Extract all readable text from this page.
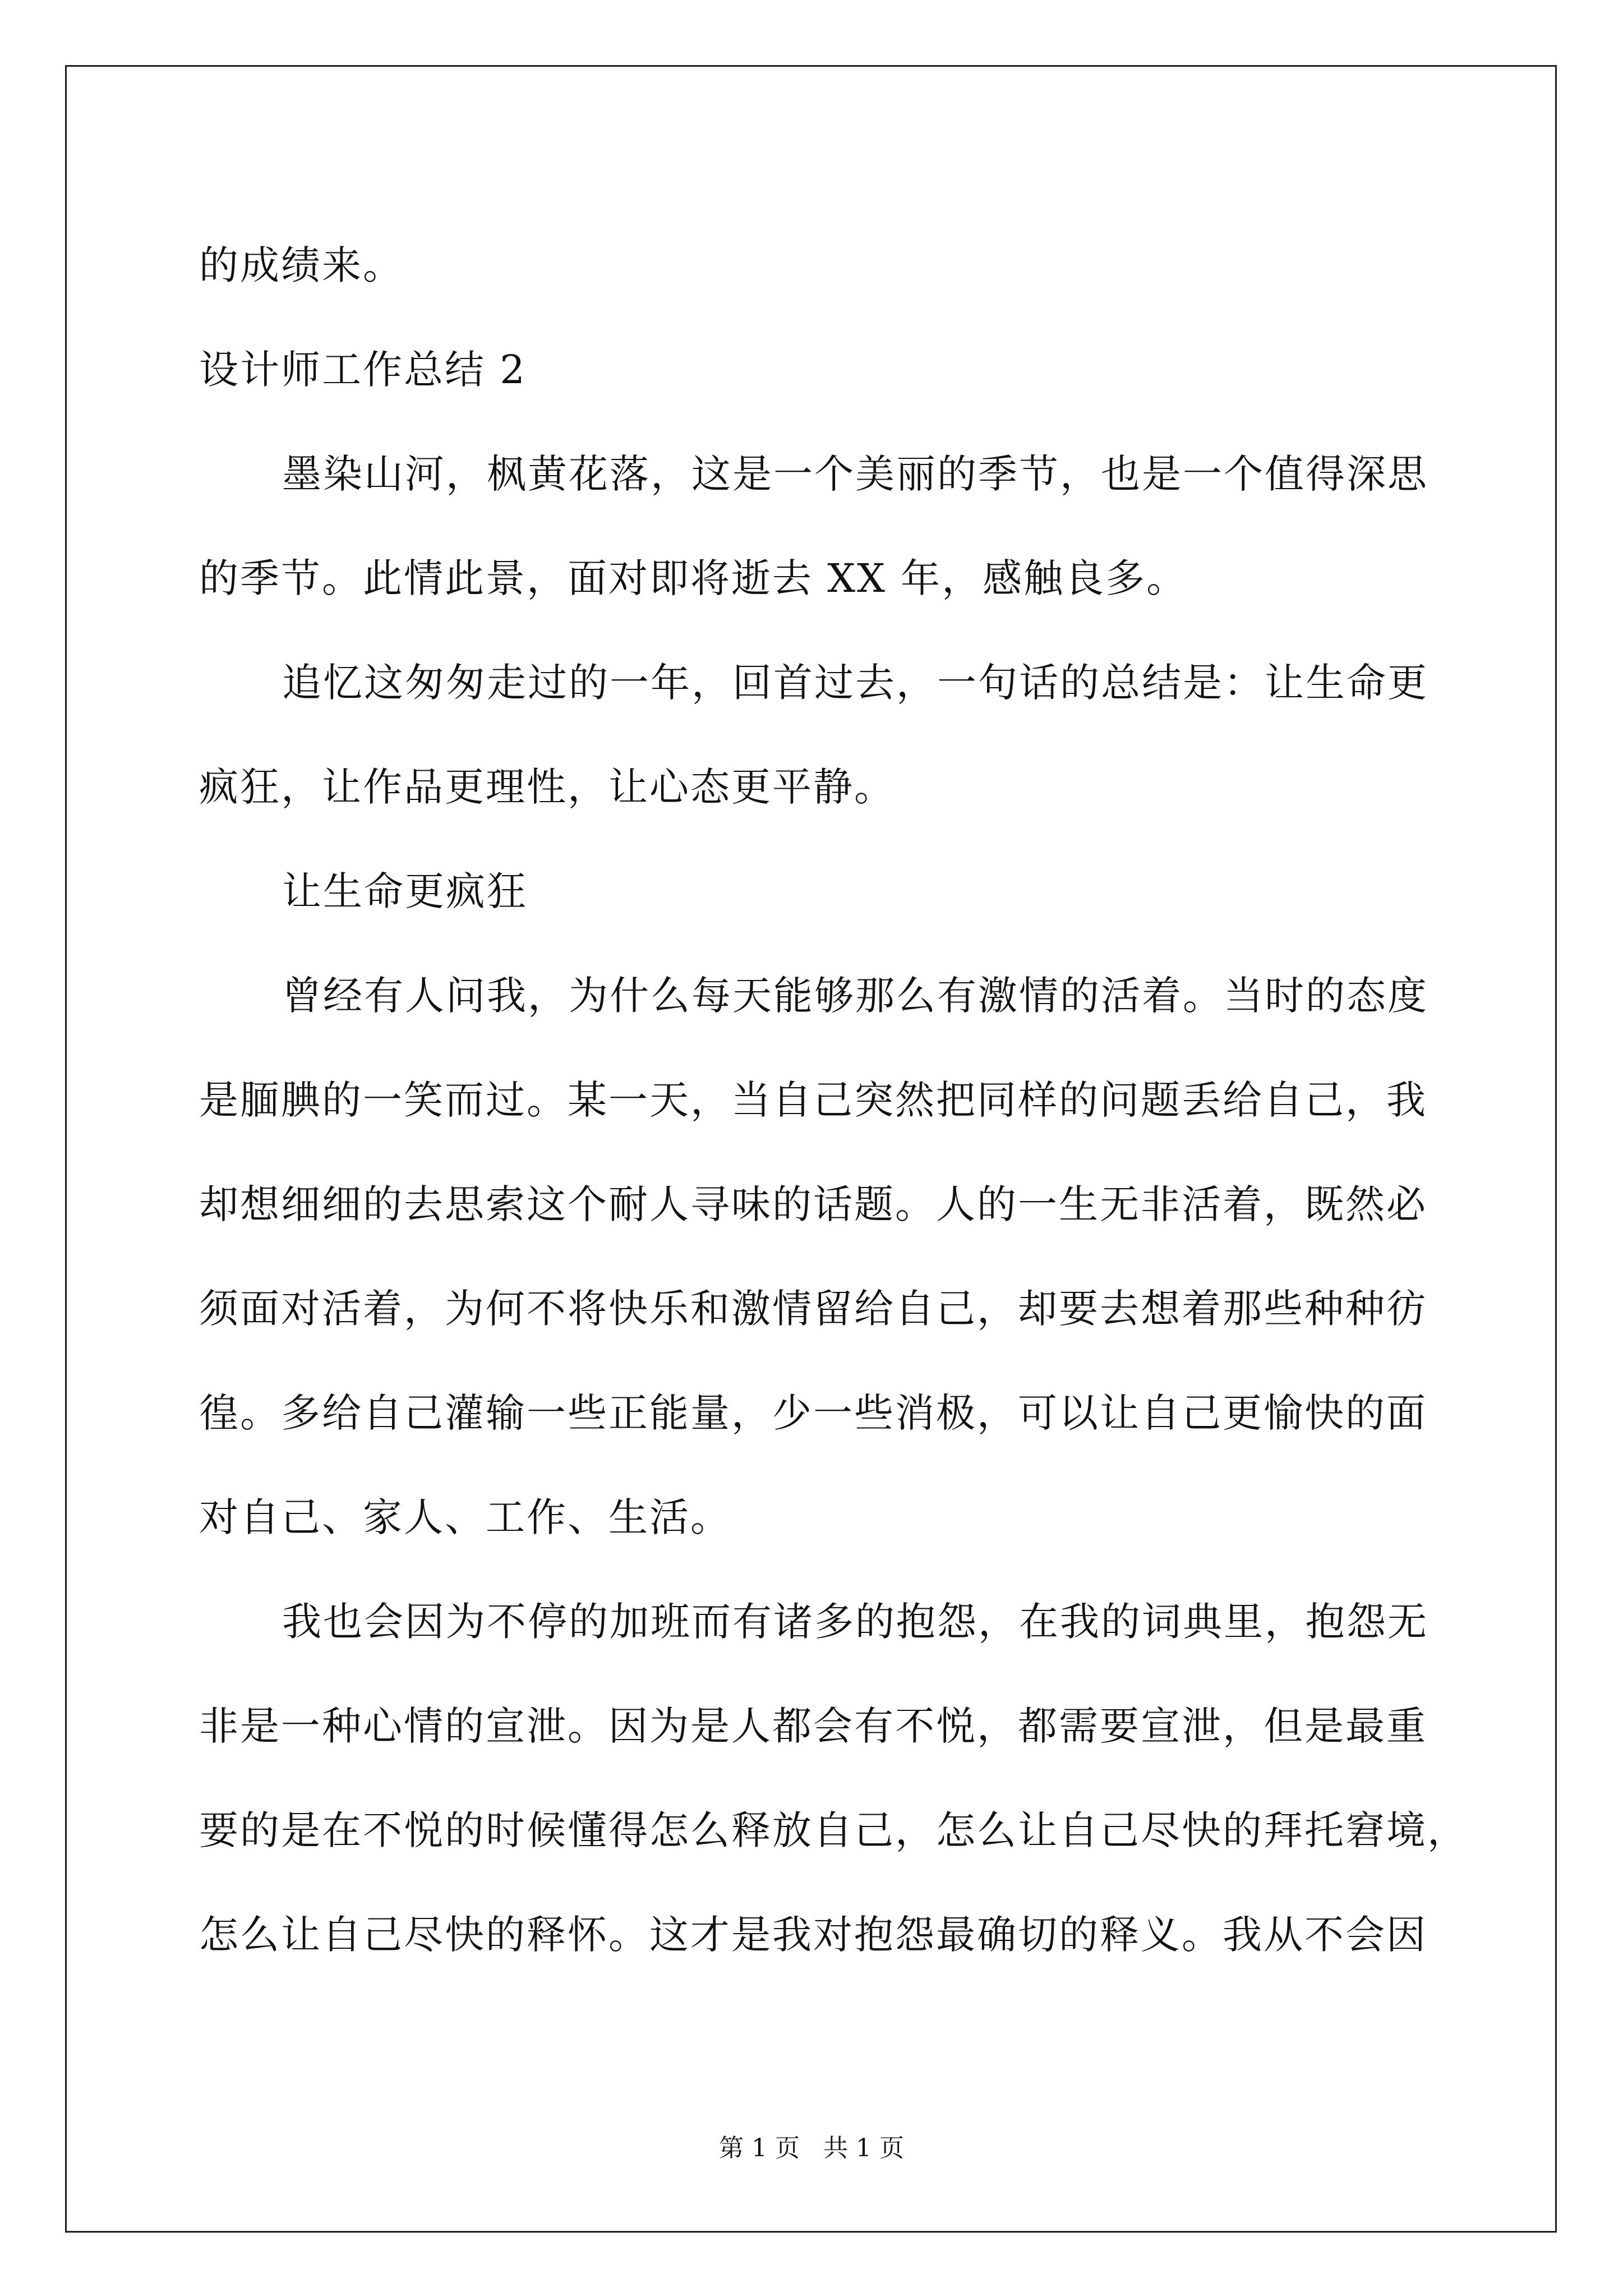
的成绩来。
设计师工作总结 2
墨染山河，枫黄花落，这是一个美丽的季节，也是一个值得深思
的季节。此情此景，面对即将逝去 XX 年，感触良多。
追忆这匆匆走过的一年，回首过去，一句话的总结是：让生命更
疯狂，让作品更理性，让心态更平静。
让生命更疯狂
曾经有人问我，为什么每天能够那么有激情的活着。当时的态度
是腼腆的一笑而过。某一天，当自己突然把同样的问题丢给自己，我
却想细细的去思索这个耐人寻味的话题。人的一生无非活着，既然必
须面对活着，为何不将快乐和激情留给自己，却要去想着那些种种彷
徨。多给自己灌输一些正能量，少一些消极，可以让自己更愉快的面
对自己、家人、工作、生活。
我也会因为不停的加班而有诸多的抱怨，在我的词典里，抱怨无
非是一种心情的宣泄。因为是人都会有不悦，都需要宣泄，但是最重
要的是在不悦的时候懂得怎么释放自己，怎么让自己尽快的拜托窘境，
怎么让自己尽快的释怀。这才是我对抱怨最确切的释义。我从不会因
第 1 页   共 1 页
